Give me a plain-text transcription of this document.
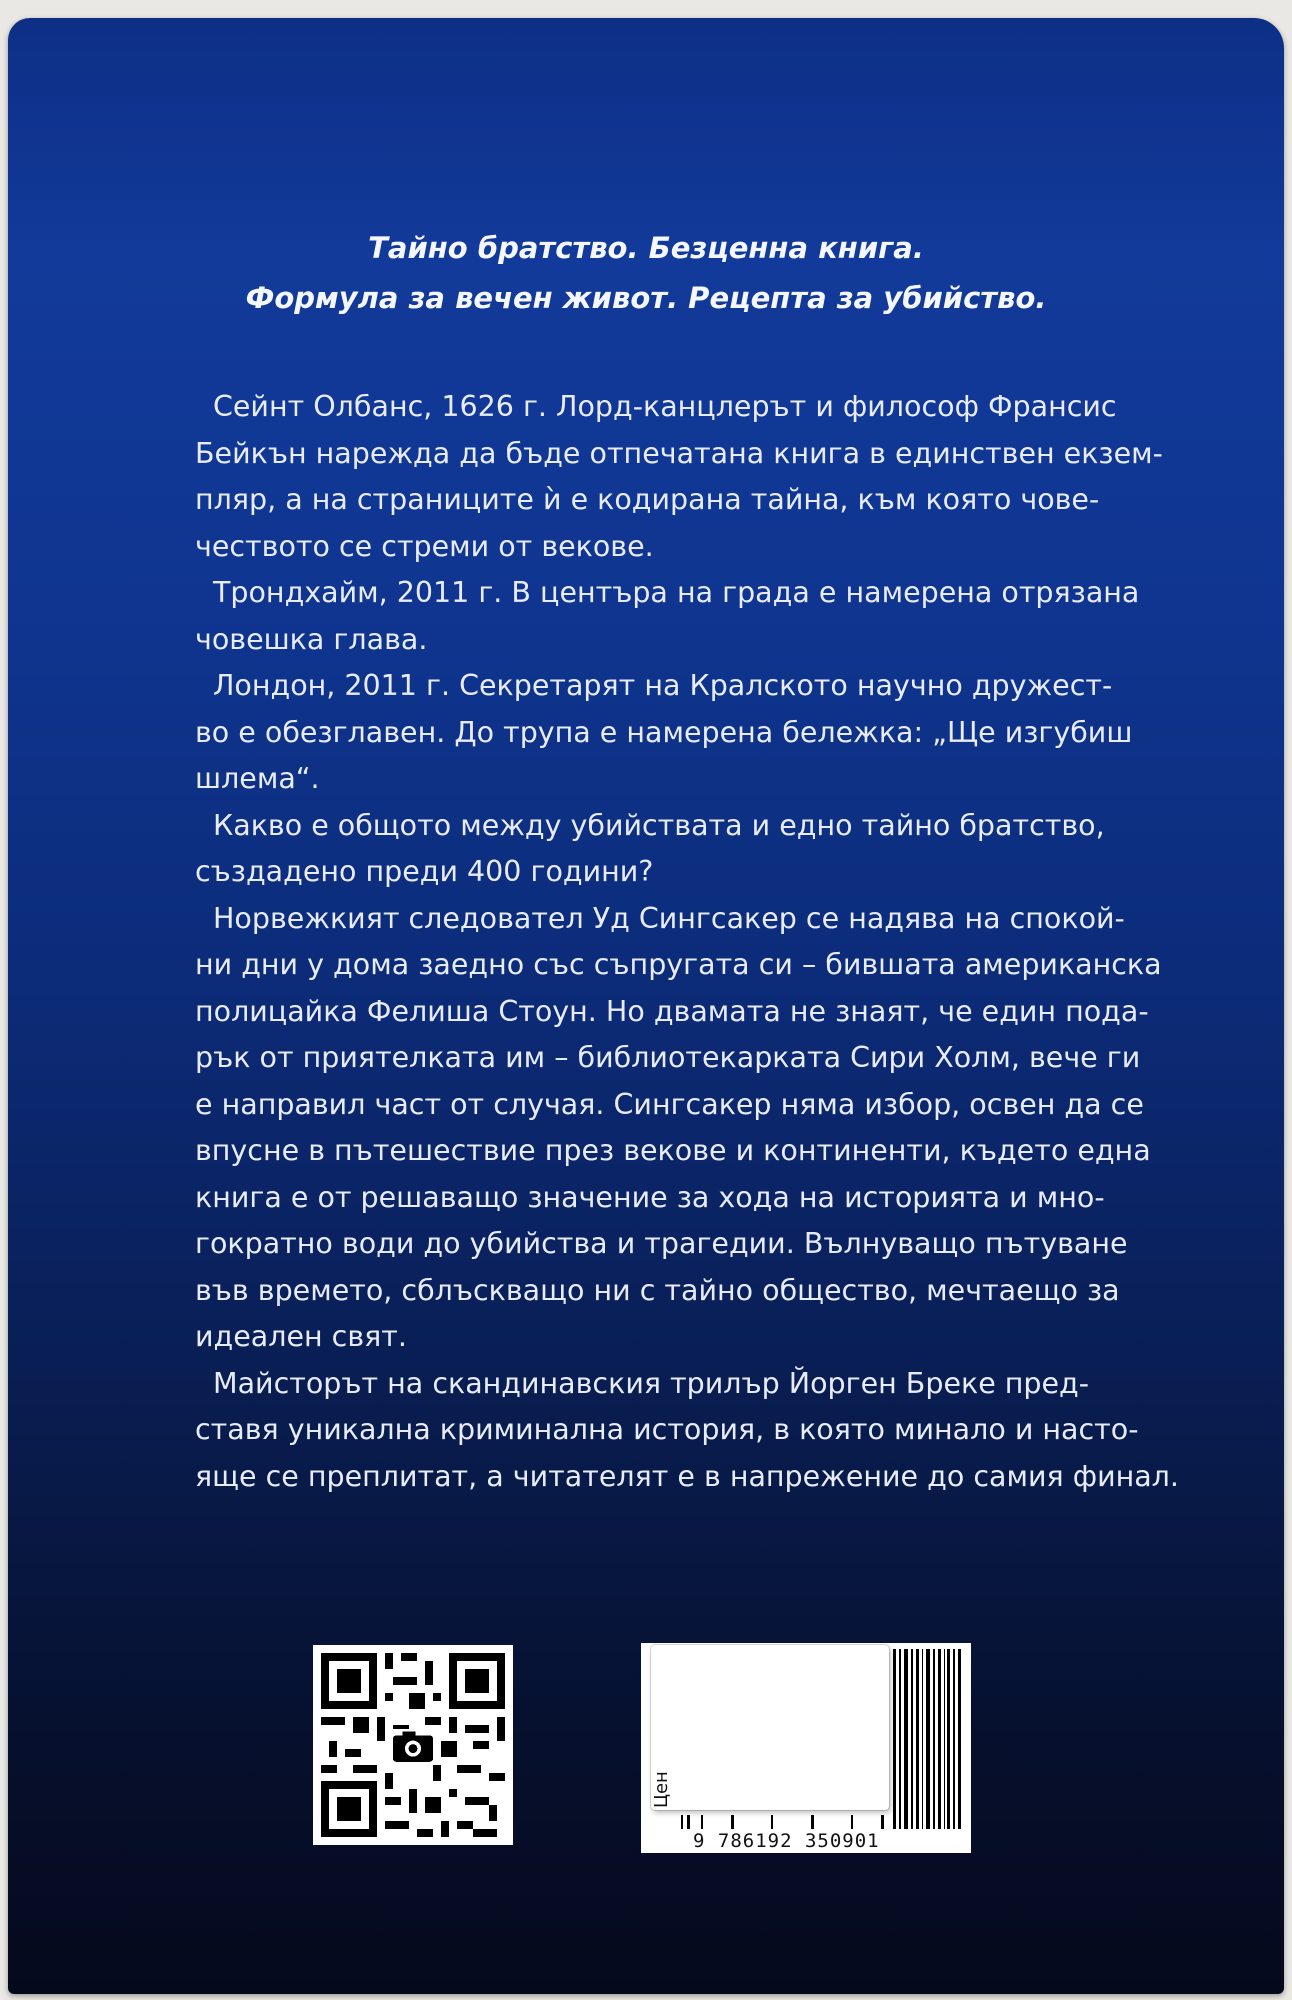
Тайно братство. Безценна книга.
Формула за вечен живот. Рецепта за убийство.

Сейнт Олбанс, 1626 г. Лорд-канцлерът и философ Франсис

Бейкън нарежда да бъде отпечатана книга в единствен екзем-

пляр, а на страниците ѝ е кодирана тайна, към която чове-

чеството се стреми от векове.

Трондхайм, 2011 г. В центъра на града е намерена отрязана

човешка глава.

Лондон, 2011 г. Секретарят на Кралското научно дружест-

во е обезглавен. До трупа е намерена бележка: „Ще изгубиш

шлема“.

Какво е общото между убийствата и едно тайно братство,

създадено преди 400 години?

Норвежкият следовател Уд Сингсакер се надява на спокой-

ни дни у дома заедно със съпругата си – бившата американска

полицайка Фелиша Стоун. Но двамата не знаят, че един пода-

рък от приятелката им – библиотекарката Сири Холм, вече ги

е направил част от случая. Сингсакер няма избор, освен да се

впусне в пътешествие през векове и континенти, където една

книга е от решаващо значение за хода на историята и мно-

гократно води до убийства и трагедии. Вълнуващо пътуване

във времето, сблъскващо ни с тайно общество, мечтаещо за

идеален свят.

Майсторът на скандинавския трилър Йорген Бреке пред-

ставя уникална криминална история, в която минало и насто-

яще се преплитат, а читателят е в напрежение до самия финал.

Цен
9 786192 350901
